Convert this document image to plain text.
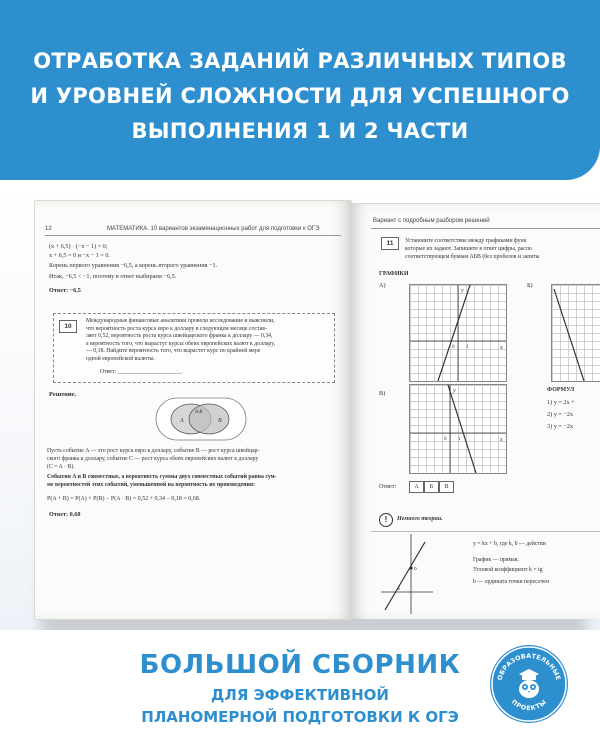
ОТРАБОТКА ЗАДАНИЙ РАЗЛИЧНЫХ ТИПОВ
И УРОВНЕЙ СЛОЖНОСТИ ДЛЯ УСПЕШНОГО
ВЫПОЛНЕНИЯ 1 И 2 ЧАСТИ
12	МАТЕМАТИКА. 10 вариантов экзаменационных работ для подготовки к ОГЭ
(x + 6,5) · (−x − 1) = 0;
x + 6,5 = 0 и −x − 1 = 0.
Корень первого уравнения −6,5, а корень второго уравнения −1.
Итак, −6,5 < −1, поэтому в ответ выбираем −6,5.
Ответ: −6,5
10
Международные финансовые аналитики провели исследование и выяснили,
что вероятность роста курса евро к доллару в следующем месяце состав-
ляет 0,52, вероятность роста курса швейцарского франка к доллару — 0,34,
а вероятность того, что вырастут курсы обеих европейских валют к доллару,
— 0,18. Найдите вероятность того, что вырастет курс по крайней мере
одной европейской валюты.
Ответ: ______________________.
Решение.
A	B
A·B
Пусть событие A — это рост курса евро к доллару, событие B — рост курса швейцар-
ского франка к доллару, событие C — рост курса обеих европейских валют к доллару
(C = A · B).
События A и B совместные, а вероятность суммы двух совместных событий равна сум-
ме вероятностей этих событий, уменьшенной на вероятность их произведения:
P(A + B) = P(A) + P(B) − P(A · B) = 0,52 + 0,34 − 0,18 = 0,68.
Ответ: 0,68
Вариант с подробным разбором решений
11	Установите соответствие между графиками функ
которые их задают. Запишите в ответ цифры, распо
соответствующем буквам АБВ (без пробелов и запяты
ГРАФИКИ
А)	Б)
x
y
0 1
В)
x
y
0 1
ФОРМУЛ
1) y = 2x +
2) y = −2x
3) y = −2x
Ответ:	А	Б	В
!	Немного теории.
b
α
y = kx + b, где k, b — действи
График — прямая.
Угловой коэффициент k = tg
b — ордината точки пересечен
БОЛЬШОЙ СБОРНИК
ДЛЯ ЭФФЕКТИВНОЙ
ПЛАНОМЕРНОЙ ПОДГОТОВКИ К ОГЭ
ОБРАЗОВАТЕЛЬНЫЕ
ПРОЕКТЫ
